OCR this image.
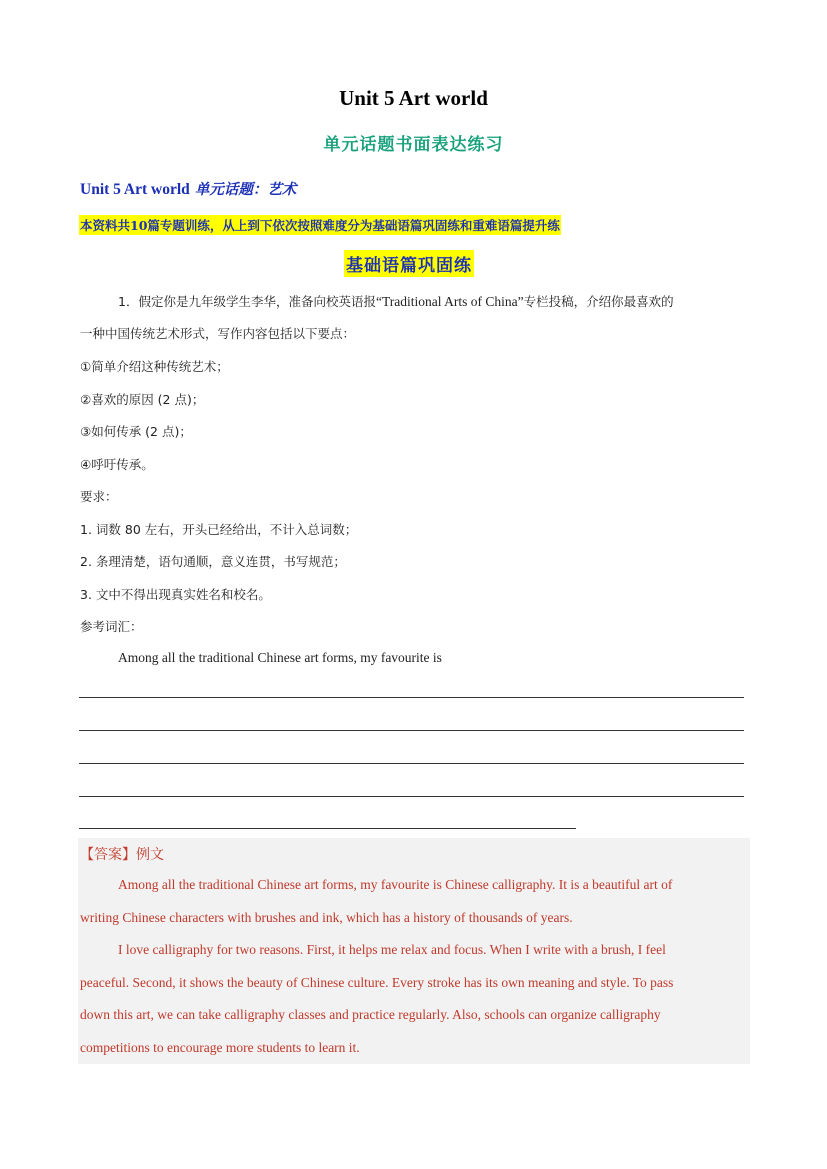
Unit 5 Art world
单元话题书面表达练习
Unit 5 Art world 单元话题：艺术
本资料共10篇专题训练，从上到下依次按照难度分为基础语篇巩固练和重难语篇提升练
基础语篇巩固练
1．假定你是九年级学生李华，准备向校英语报“Traditional Arts of China”专栏投稿，介绍你最喜欢的
一种中国传统艺术形式，写作内容包括以下要点：
①简单介绍这种传统艺术；
②喜欢的原因 (2 点)；
③如何传承 (2 点)；
④呼吁传承。
要求：
1. 词数 80 左右，开头已经给出，不计入总词数；
2. 条理清楚，语句通顺，意义连贯，书写规范；
3. 文中不得出现真实姓名和校名。
参考词汇：
Among all the traditional Chinese art forms, my favourite is
【答案】例文
Among all the traditional Chinese art forms, my favourite is Chinese calligraphy. It is a beautiful art of
writing Chinese characters with brushes and ink, which has a history of thousands of years.
I love calligraphy for two reasons. First, it helps me relax and focus. When I write with a brush, I feel
peaceful. Second, it shows the beauty of Chinese culture. Every stroke has its own meaning and style. To pass
down this art, we can take calligraphy classes and practice regularly. Also, schools can organize calligraphy
competitions to encourage more students to learn it.
